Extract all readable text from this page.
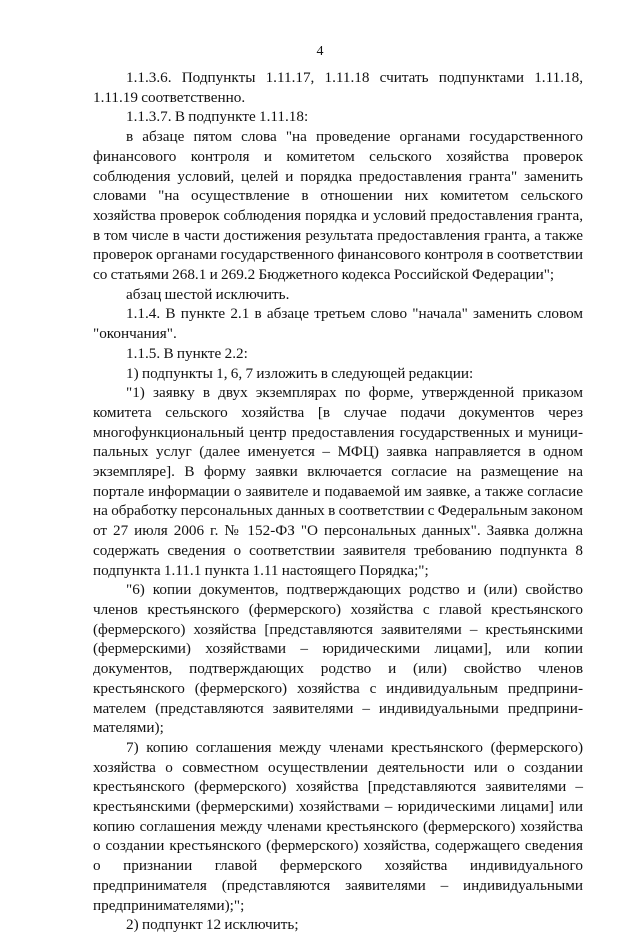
4

1.1.3.6. Подпункты 1.11.17, 1.11.18 считать подпунктами 1.11.18, 1.11.19 соответственно.

1.1.3.7. В подпункте 1.11.18:

в абзаце пятом слова "на проведение органами государственного финансового контроля и комитетом сельского хозяйства проверок соблюдения условий, целей и порядка предоставления гранта" заменить словами "на осуществление в отношении них комитетом сельского хозяйства проверок соблюдения порядка и условий предоставления гранта, в том числе в части достижения результата предоставления гранта, а также проверок органами государственного финансового контроля в соответствии со статьями 268.1 и 269.2 Бюджетного кодекса Российской Федерации";

абзац шестой исключить.

1.1.4. В пункте 2.1 в абзаце третьем слово "начала" заменить словом "окончания".

1.1.5. В пункте 2.2:

1) подпункты 1, 6, 7 изложить в следующей редакции:

"1) заявку в двух экземплярах по форме, утвержденной приказом комитета сельского хозяйства [в случае подачи документов через многофункциональный центр предоставления государственных и муниципальных услуг (далее именуется – МФЦ) заявка направляется в одном экземпляре]. В форму заявки включается согласие на размещение на портале информации о заявителе и подаваемой им заявке, а также согласие на обработку персональных данных в соответствии с Федеральным законом от 27 июля 2006 г. № 152-ФЗ "О персональных данных". Заявка должна содержать сведения о соответствии заявителя требованию подпункта 8 подпункта 1.11.1 пункта 1.11 настоящего Порядка;";

"6) копии документов, подтверждающих родство и (или) свойство членов крестьянского (фермерского) хозяйства с главой крестьянского (фермерского) хозяйства [представляются заявителями – крестьянскими (фермерскими) хозяйствами – юридическими лицами], или копии документов, подтверждающих родство и (или) свойство членов крестьянского (фермерского) хозяйства с индивидуальным предпринимателем (представляются заявителями – индивидуальными предпринимателями);

7) копию соглашения между членами крестьянского (фермерского) хозяйства о совместном осуществлении деятельности или о создании крестьянского (фермерского) хозяйства [представляются заявителями – крестьянскими (фермерскими) хозяйствами – юридическими лицами] или копию соглашения между членами крестьянского (фермерского) хозяйства о создании крестьянского (фермерского) хозяйства, содержащего сведения о признании главой фермерского хозяйства индивидуального предпринимателя (представляются заявителями – индивидуальными предпринимателями);";

2) подпункт 12 исключить;
